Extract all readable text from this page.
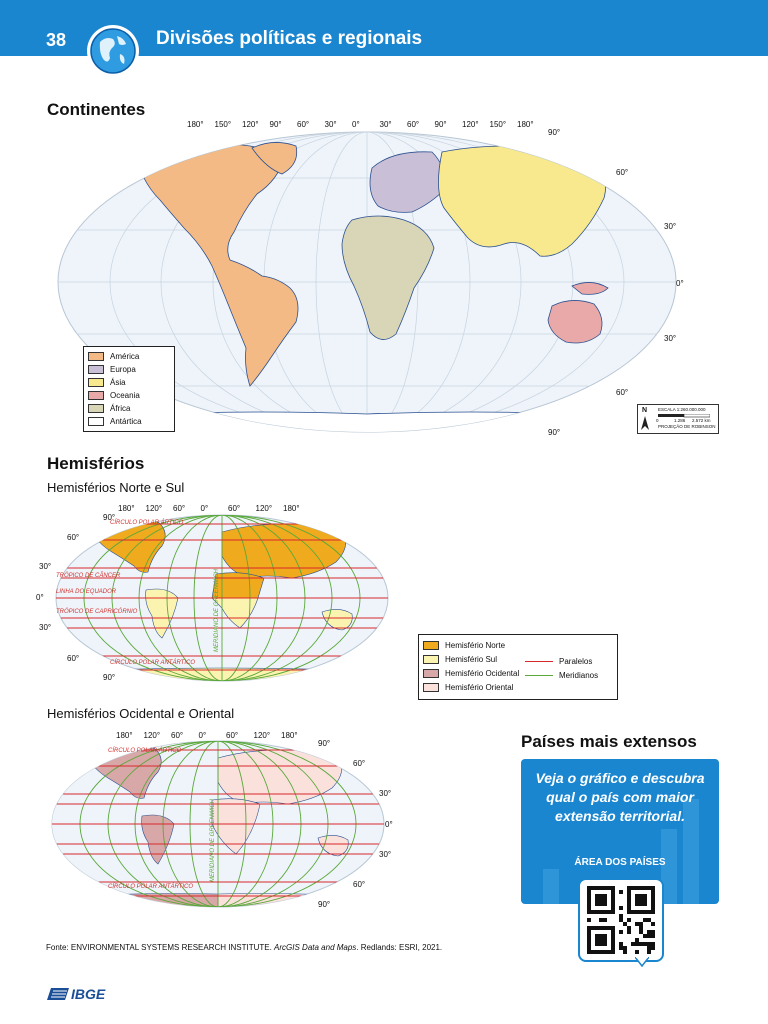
38	Divisões políticas e regionais
Continentes
180° 150° 120° 90° 60° 30° 0° 30° 60° 90° 120° 150° 180°
90°
60°
30°
0°
30°
60°
90°
América
Europa
Ásia
Oceania
África
Antártica
N ESCALA 1:260.000.000
0	1.286 2.572 km
PROJEÇÃO DE ROBINSON
Hemisférios
Hemisférios Norte e Sul
180° 120° 60° 0° 60° 120° 180°
90°
60°
30°
0°
30°
60°
90°
CÍRCULO POLAR ÁRTICO
TRÓPICO DE CÂNCER
LINHA DO EQUADOR
TRÓPICO DE CAPRICÓRNIO
CÍRCULO POLAR ANTÁRTICO
MERIDIANO DE GREENWICH	Hemisfério Norte
Hemisfério Sul
Hemisfério Ocidental
Hemisfério Oriental
Paralelos
Meridianos
Hemisférios Ocidental e Oriental
180° 120° 60° 0° 60° 120° 180°
90°
60°
30°
0°
30°
60°
90°
CÍRCULO POLAR ÁRTICO
CÍRCULO POLAR ANTÁRTICO
MERIDIANO DE GREENWICH
Países mais extensos
Veja o gráfico e descubra qual o país com maior extensão territorial.
ÁREA DOS PAÍSES
Fonte: ENVIRONMENTAL SYSTEMS RESEARCH INSTITUTE. ArcGIS Data and Maps. Redlands: ESRI, 2021.
IBGE
